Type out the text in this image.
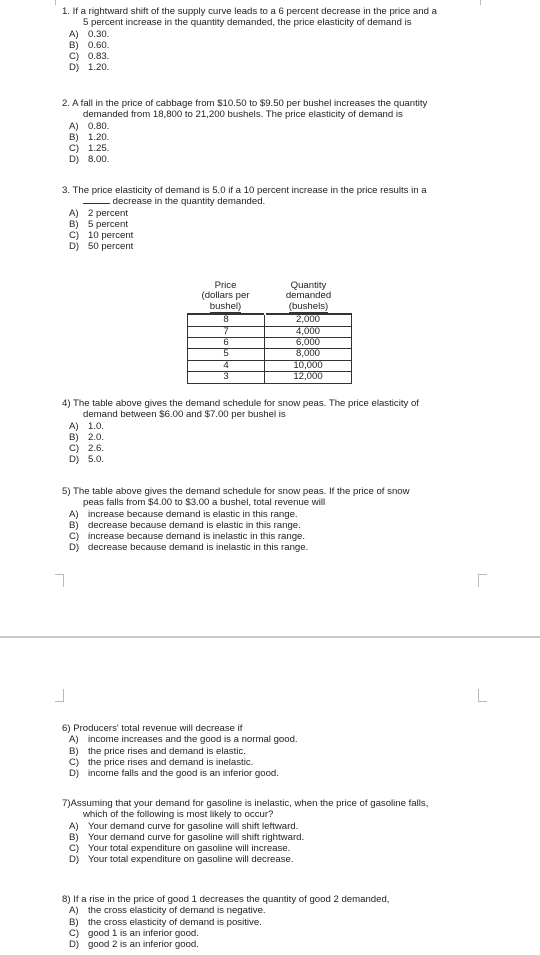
1. If a rightward shift of the supply curve leads to a 6 percent decrease in the price and a
5 percent increase in the quantity demanded, the price elasticity of demand is
A) 0.30.
B) 0.60.
C) 0.83.
D) 1.20.
2. A fall in the price of cabbage from $10.50 to $9.50 per bushel increases the quantity
demanded from 18,800 to 21,200 bushels. The price elasticity of demand is
A) 0.80.
B) 1.20.
C) 1.25.
D) 8.00.
3. The price elasticity of demand is 5.0 if a 10 percent increase in the price results in a
decrease in the quantity demanded.
A) 2 percent
B) 5 percent
C) 10 percent
D) 50 percent
Price
(dollars per
bushel)	Quantity
demanded
(bushels)
8	2,000
7	4,000
6	6,000
5	8,000
4	10,000
3	12,000
4) The table above gives the demand schedule for snow peas. The price elasticity of
demand between $6.00 and $7.00 per bushel is
A) 1.0.
B) 2.0.
C) 2.6.
D) 5.0.
5) The table above gives the demand schedule for snow peas. If the price of snow
peas falls from $4.00 to $3.00 a bushel, total revenue will
A) increase because demand is elastic in this range.
B) decrease because demand is elastic in this range.
C) increase because demand is inelastic in this range.
D) decrease because demand is inelastic in this range.
6) Producers' total revenue will decrease if
A) income increases and the good is a normal good.
B) the price rises and demand is elastic.
C) the price rises and demand is inelastic.
D) income falls and the good is an inferior good.
7)Assuming that your demand for gasoline is inelastic, when the price of gasoline falls,
which of the following is most likely to occur?
A) Your demand curve for gasoline will shift leftward.
B) Your demand curve for gasoline will shift rightward.
C) Your total expenditure on gasoline will increase.
D) Your total expenditure on gasoline will decrease.
8) If a rise in the price of good 1 decreases the quantity of good 2 demanded,
A) the cross elasticity of demand is negative.
B) the cross elasticity of demand is positive.
C) good 1 is an inferior good.
D) good 2 is an inferior good.
